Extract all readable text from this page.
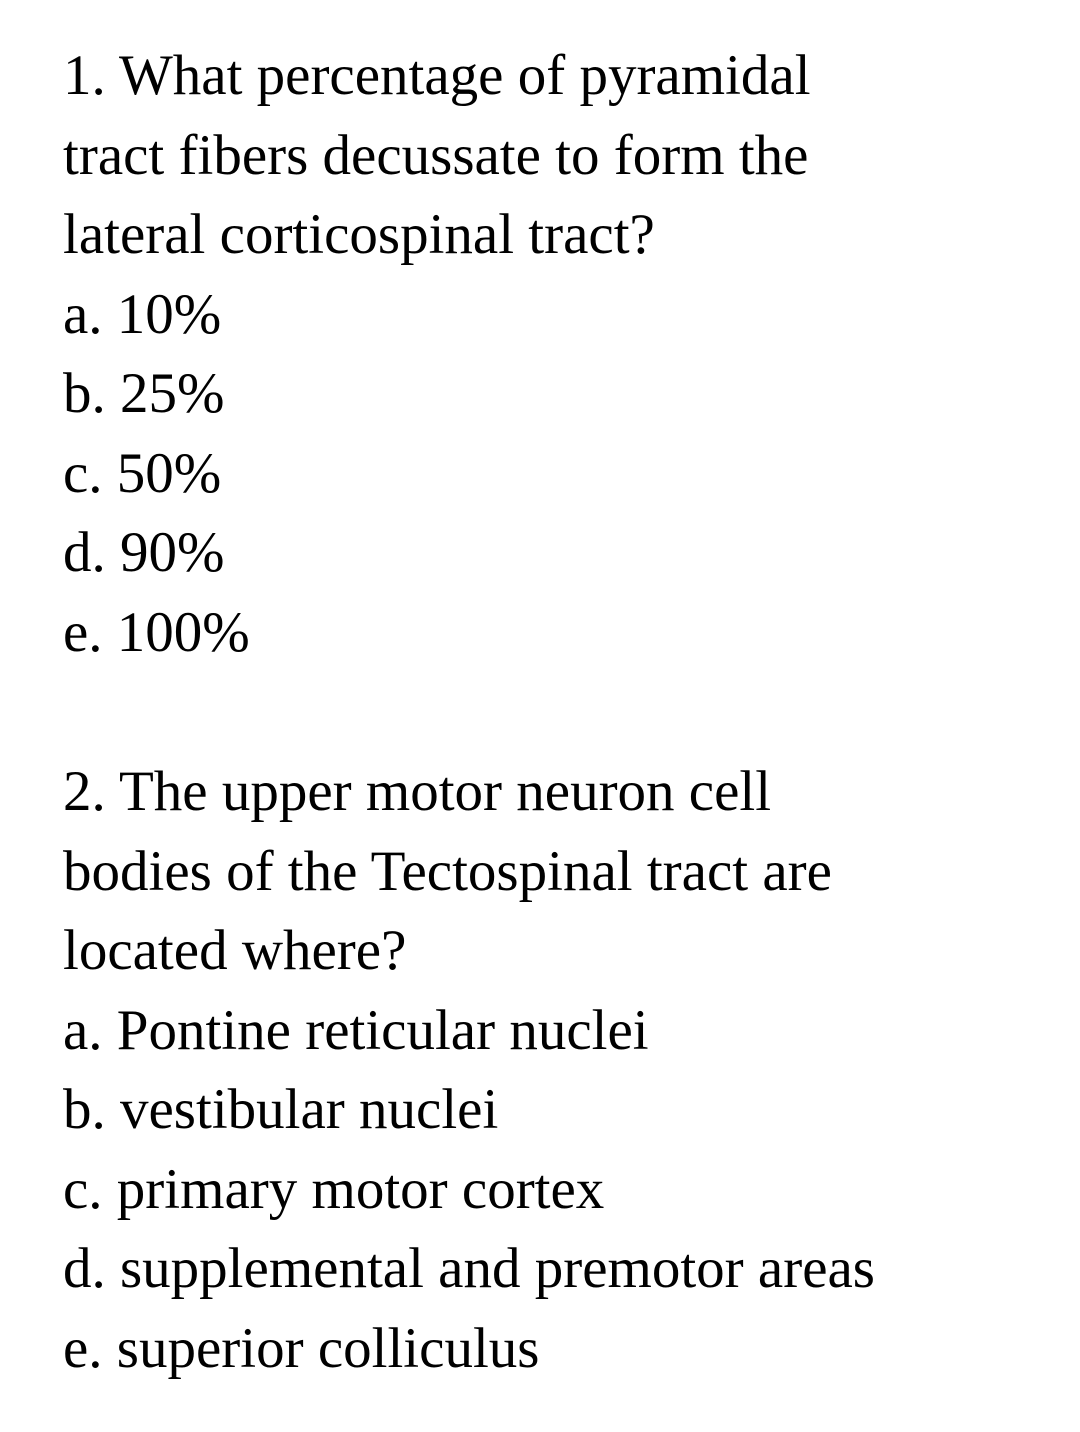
1. What percentage of pyramidal

tract fibers decussate to form the

lateral corticospinal tract?

a. 10%

b. 25%

c. 50%

d. 90%

e. 100%

2. The upper motor neuron cell

bodies of the Tectospinal tract are

located where?

a. Pontine reticular nuclei

b. vestibular nuclei

c. primary motor cortex

d. supplemental and premotor areas

e. superior colliculus
